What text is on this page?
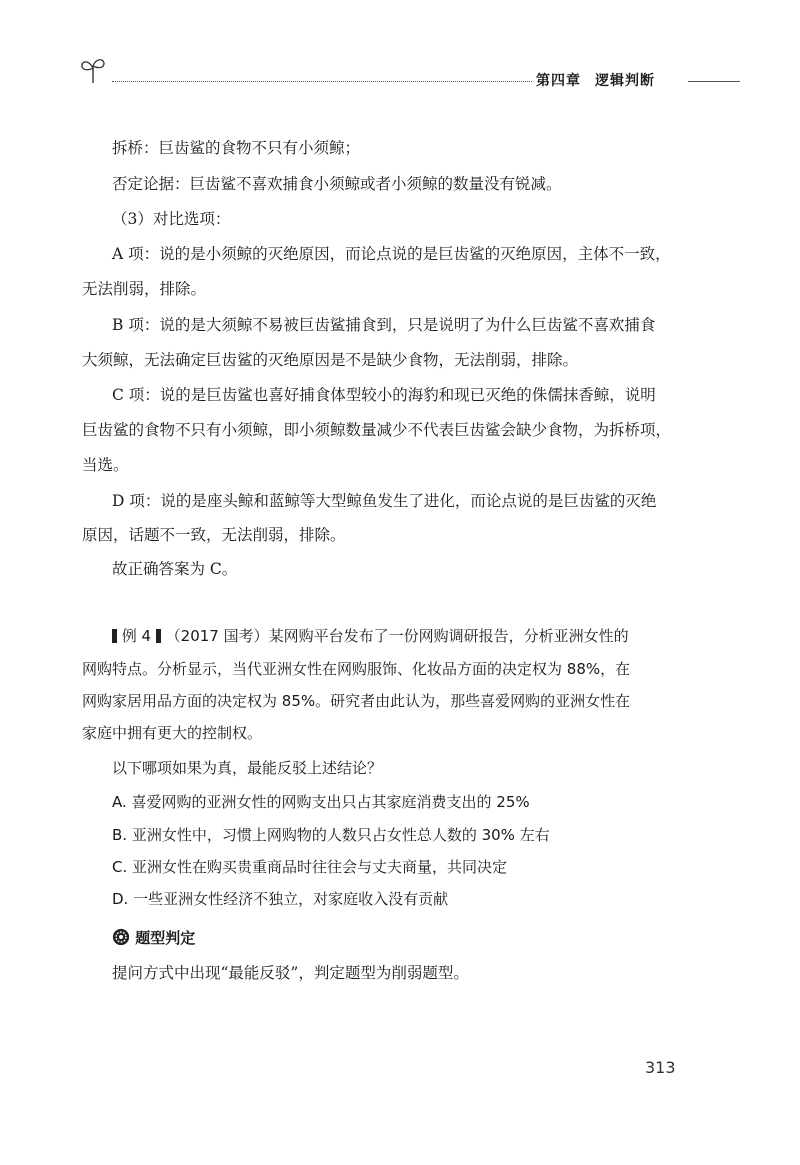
第四章 逻辑判断
拆桥：巨齿鲨的食物不只有小须鲸；
否定论据：巨齿鲨不喜欢捕食小须鲸或者小须鲸的数量没有锐减。
（3）对比选项：
A 项：说的是小须鲸的灭绝原因，而论点说的是巨齿鲨的灭绝原因，主体不一致，
无法削弱，排除。
B 项：说的是大须鲸不易被巨齿鲨捕食到，只是说明了为什么巨齿鲨不喜欢捕食
大须鲸，无法确定巨齿鲨的灭绝原因是不是缺少食物，无法削弱，排除。
C 项：说的是巨齿鲨也喜好捕食体型较小的海豹和现已灭绝的侏儒抹香鲸，说明
巨齿鲨的食物不只有小须鲸，即小须鲸数量减少不代表巨齿鲨会缺少食物，为拆桥项，
当选。
D 项：说的是座头鲸和蓝鲸等大型鲸鱼发生了进化，而论点说的是巨齿鲨的灭绝
原因，话题不一致，无法削弱，排除。
故正确答案为 C。
例 4 （2017 国考）某网购平台发布了一份网购调研报告，分析亚洲女性的
网购特点。分析显示，当代亚洲女性在网购服饰、化妆品方面的决定权为 88%，在
网购家居用品方面的决定权为 85%。研究者由此认为，那些喜爱网购的亚洲女性在
家庭中拥有更大的控制权。
以下哪项如果为真，最能反驳上述结论？
A. 喜爱网购的亚洲女性的网购支出只占其家庭消费支出的 25%
B. 亚洲女性中，习惯上网购物的人数只占女性总人数的 30% 左右
C. 亚洲女性在购买贵重商品时往往会与丈夫商量，共同决定
D. 一些亚洲女性经济不独立，对家庭收入没有贡献
题型判定
提问方式中出现“最能反驳”，判定题型为削弱题型。
313
